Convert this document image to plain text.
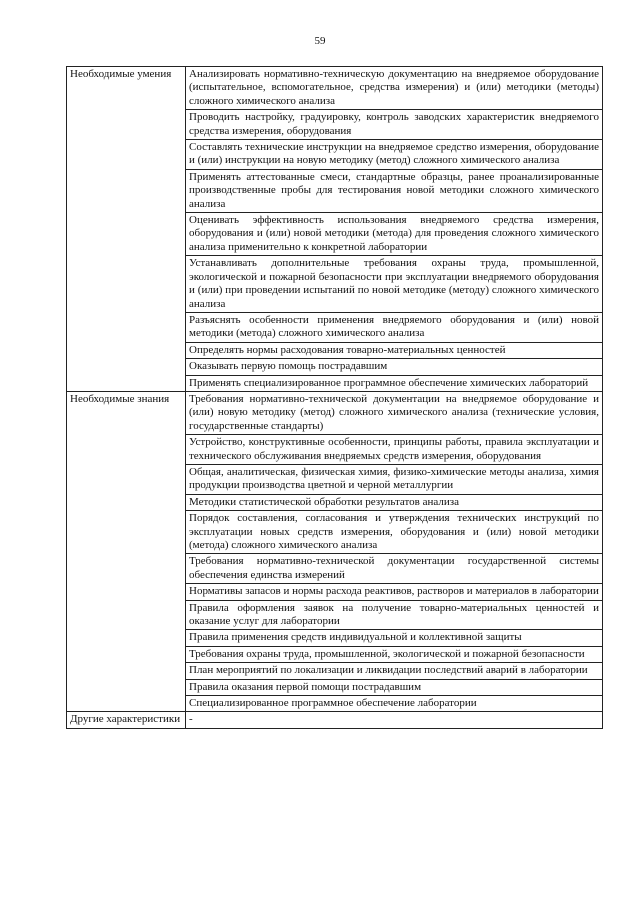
59
Необходимые умения	Анализировать нормативно-техническую документацию на внедряемое оборудование (испытательное, вспомогательное, средства измерения) и (или) методики (методы) сложного химического анализа
	Проводить настройку, градуировку, контроль заводских характеристик внедряемого средства измерения, оборудования
	Составлять технические инструкции на внедряемое средство измерения, оборудование и (или) инструкции на новую методику (метод) сложного химического анализа
	Применять аттестованные смеси, стандартные образцы, ранее проанализированные производственные пробы для тестирования новой методики сложного химического анализа
	Оценивать эффективность использования внедряемого средства измерения, оборудования и (или) новой методики (метода) для проведения сложного химического анализа применительно к конкретной лаборатории
	Устанавливать дополнительные требования охраны труда, промышленной, экологической и пожарной безопасности при эксплуатации внедряемого оборудования и (или) при проведении испытаний по новой методике (методу) сложного химического анализа
	Разъяснять особенности применения внедряемого оборудования и (или) новой методики (метода) сложного химического анализа
	Определять нормы расходования товарно-материальных ценностей
	Оказывать первую помощь пострадавшим
	Применять специализированное программное обеспечение химических лабораторий
Необходимые знания	Требования нормативно-технической документации на внедряемое оборудование и (или) новую методику (метод) сложного химического анализа (технические условия, государственные стандарты)
	Устройство, конструктивные особенности, принципы работы, правила эксплуатации и технического обслуживания внедряемых средств измерения, оборудования
	Общая, аналитическая, физическая химия, физико-химические методы анализа, химия продукции производства цветной и черной металлургии
	Методики статистической обработки результатов анализа
	Порядок составления, согласования и утверждения технических инструкций по эксплуатации новых средств измерения, оборудования и (или) новой методики (метода) сложного химического анализа
	Требования нормативно-технической документации государственной системы обеспечения единства измерений
	Нормативы запасов и нормы расхода реактивов, растворов и материалов в лаборатории
	Правила оформления заявок на получение товарно-материальных ценностей и оказание услуг для лаборатории
	Правила применения средств индивидуальной и коллективной защиты
	Требования охраны труда, промышленной, экологической и пожарной безопасности
	План мероприятий по локализации и ликвидации последствий аварий в лаборатории
	Правила оказания первой помощи пострадавшим
	Специализированное программное обеспечение лаборатории
Другие характеристики	-
